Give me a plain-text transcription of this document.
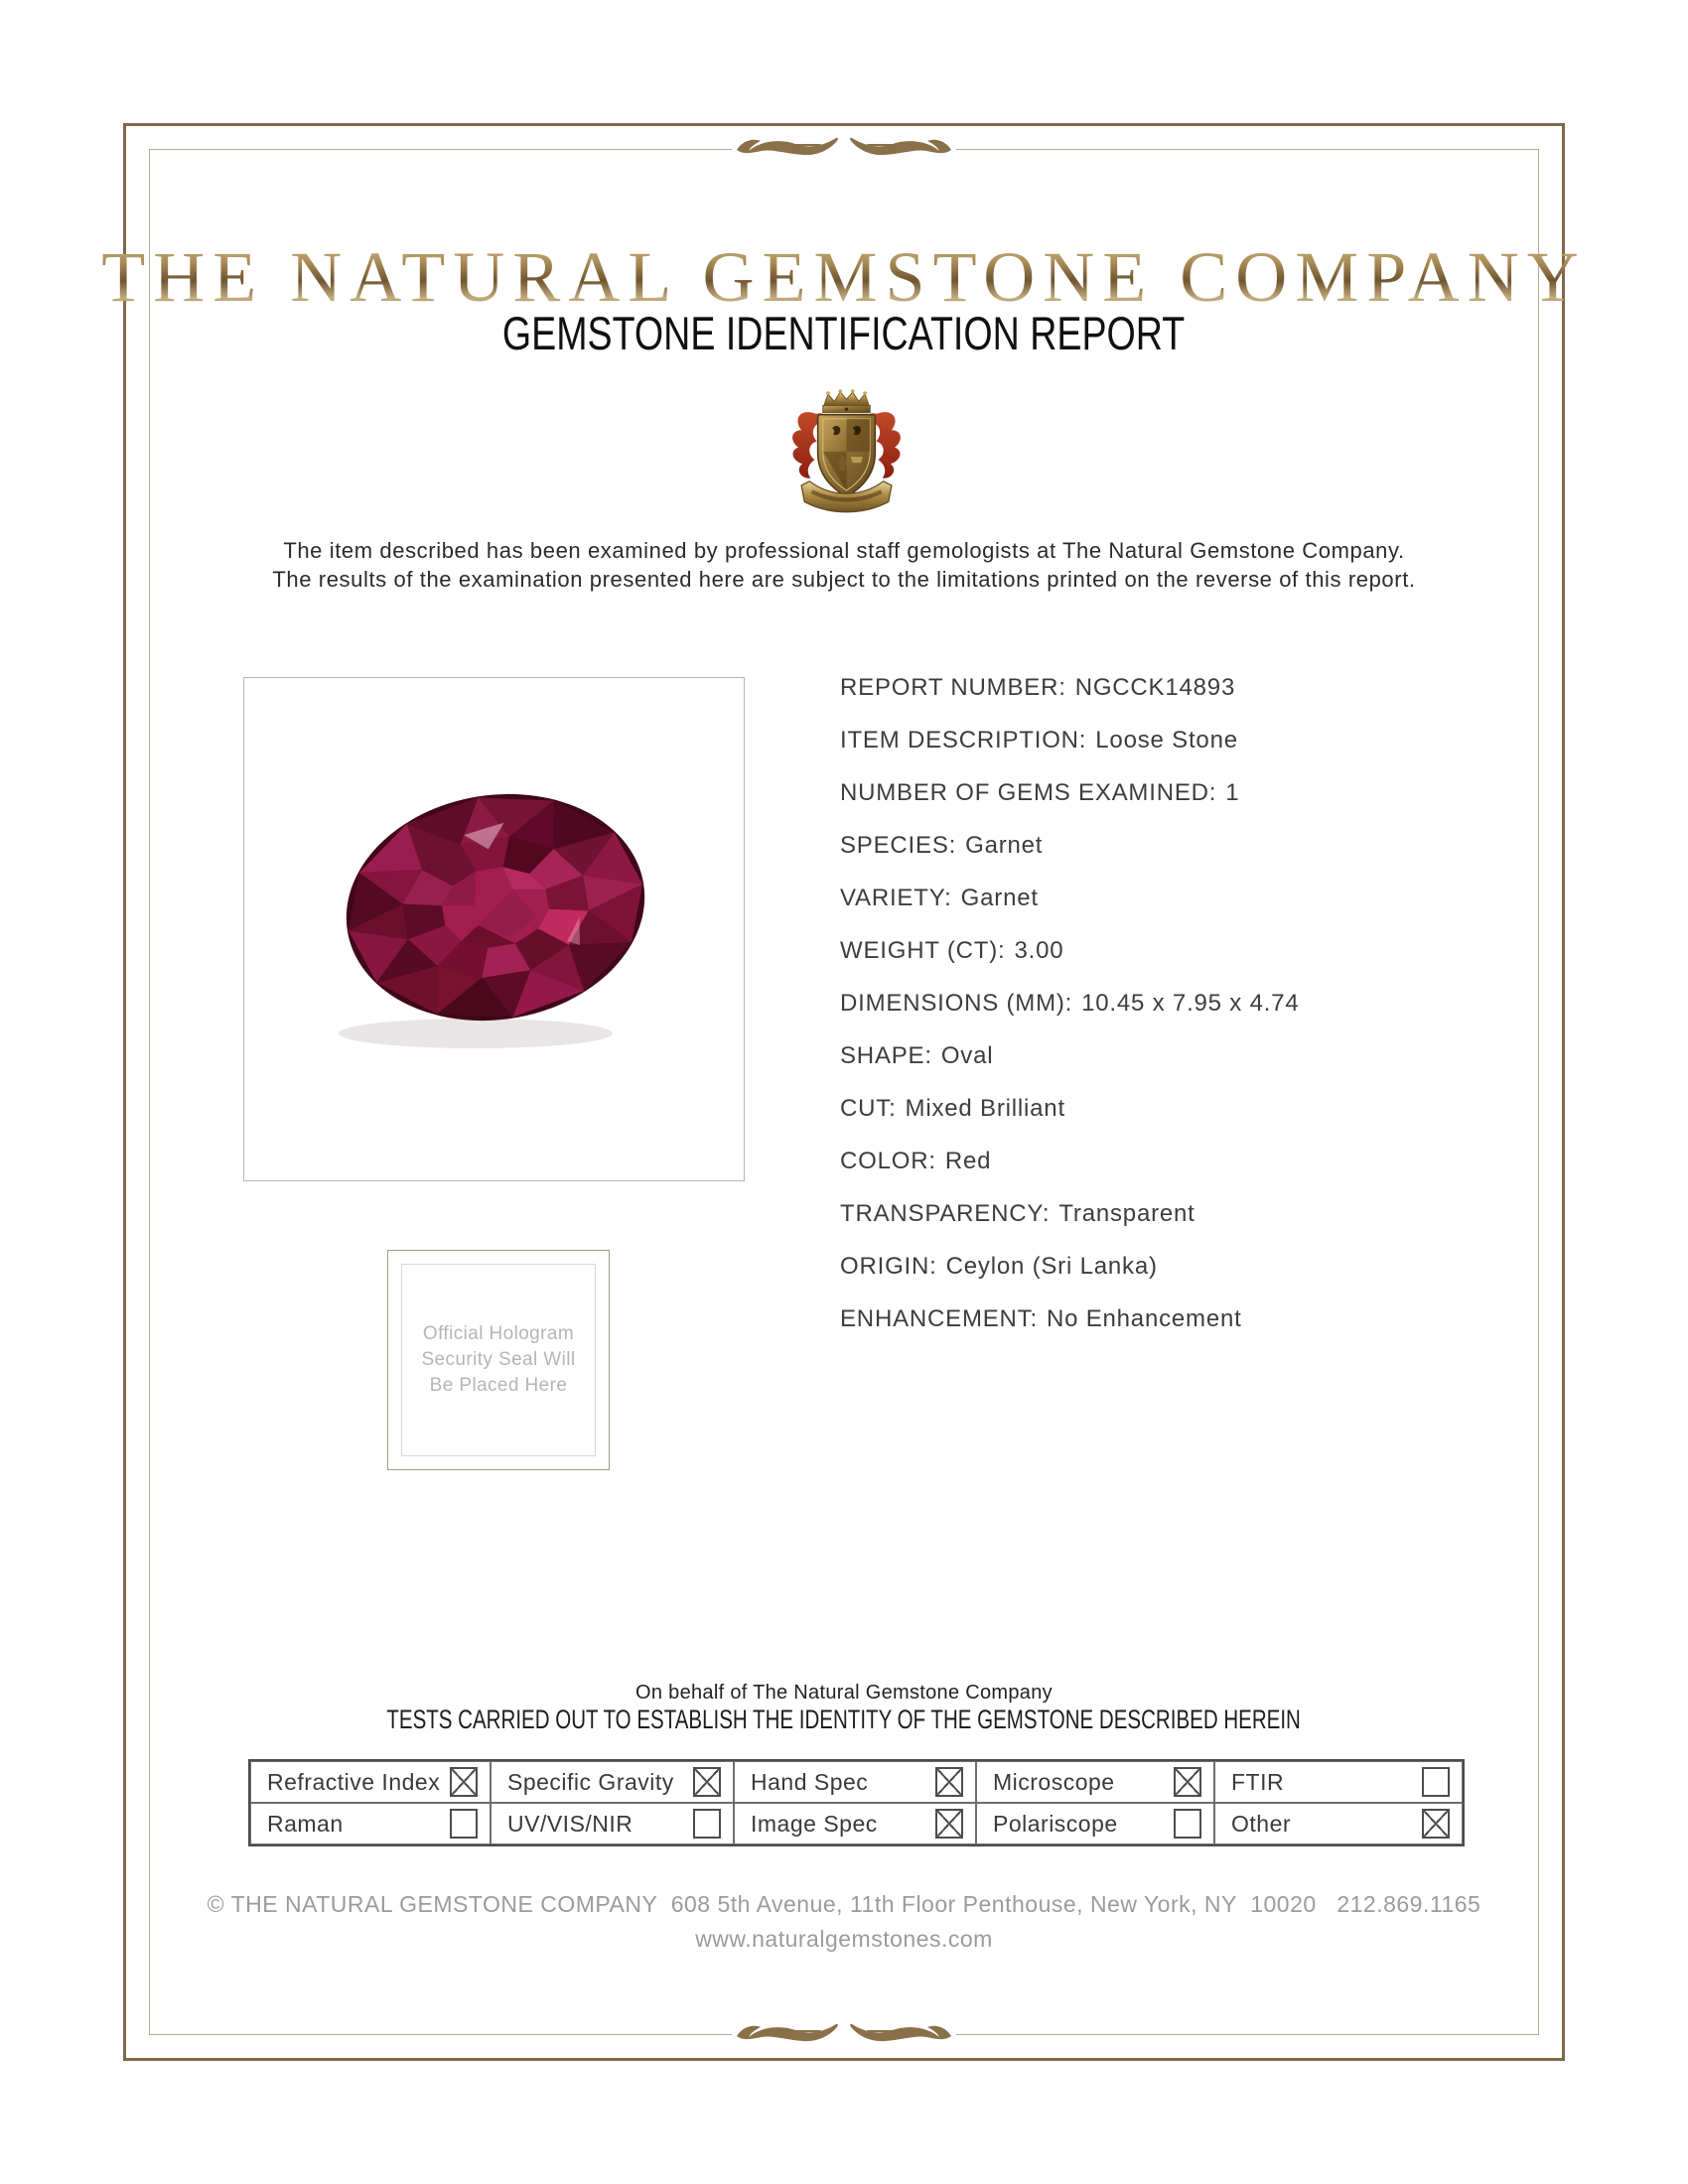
THE NATURAL GEMSTONE COMPANY
GEMSTONE IDENTIFICATION REPORT
The item described has been examined by professional staff gemologists at The Natural Gemstone Company.
The results of the examination presented here are subject to the limitations printed on the reverse of this report.
REPORT NUMBER: NGCCK14893
ITEM DESCRIPTION: Loose Stone
NUMBER OF GEMS EXAMINED: 1
SPECIES: Garnet
VARIETY: Garnet
WEIGHT (CT): 3.00
DIMENSIONS (MM): 10.45 x 7.95 x 4.74
SHAPE: Oval
CUT: Mixed Brilliant
COLOR: Red
TRANSPARENCY: Transparent
ORIGIN: Ceylon (Sri Lanka)
ENHANCEMENT: No Enhancement
Official Hologram
Security Seal Will
Be Placed Here
On behalf of The Natural Gemstone Company
TESTS CARRIED OUT TO ESTABLISH THE IDENTITY OF THE GEMSTONE DESCRIBED HEREIN
Refractive Index	Specific Gravity	Hand Spec	Microscope	FTIR
Raman	UV/VIS/NIR	Image Spec	Polariscope	Other
© THE NATURAL GEMSTONE COMPANY  608 5th Avenue, 11th Floor Penthouse, New York, NY  10020   212.869.1165
www.naturalgemstones.com
